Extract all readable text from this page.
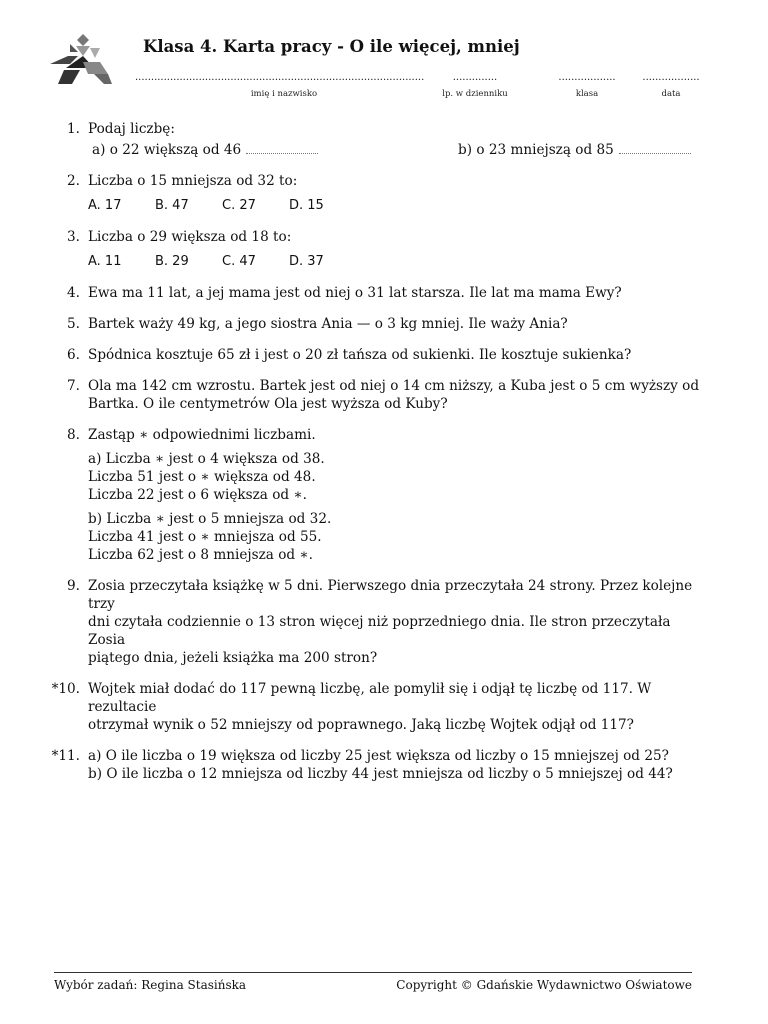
Klasa 4. Karta pracy - O ile więcej, mniej
...........................................................................................
imię i nazwisko
..............
lp. w dzienniku
..................
klasa
..................
data
1. Podaj liczbę:
a) o 22 większą od 46	b) o 23 mniejszą od 85
2. Liczba o 15 mniejsza od 32 to:
A. 17	B. 47	C. 27	D. 15
3. Liczba o 29 większa od 18 to:
A. 11	B. 29	C. 47	D. 37
4. Ewa ma 11 lat, a jej mama jest od niej o 31 lat starsza. Ile lat ma mama Ewy?
5. Bartek waży 49 kg, a jego siostra Ania — o 3 kg mniej. Ile waży Ania?
6. Spódnica kosztuje 65 zł i jest o 20 zł tańsza od sukienki. Ile kosztuje sukienka?
7. Ola ma 142 cm wzrostu. Bartek jest od niej o 14 cm niższy, a Kuba jest o 5 cm wyższy od
Bartka. O ile centymetrów Ola jest wyższa od Kuby?
8. Zastąp ∗ odpowiednimi liczbami.
a) Liczba ∗ jest o 4 większa od 38.
Liczba 51 jest o ∗ większa od 48.
Liczba 22 jest o 6 większa od ∗.
b) Liczba ∗ jest o 5 mniejsza od 32.
Liczba 41 jest o ∗ mniejsza od 55.
Liczba 62 jest o 8 mniejsza od ∗.
9. Zosia przeczytała książkę w 5 dni. Pierwszego dnia przeczytała 24 strony. Przez kolejne trzy
dni czytała codziennie o 13 stron więcej niż poprzedniego dnia. Ile stron przeczytała Zosia
piątego dnia, jeżeli książka ma 200 stron?
*10. Wojtek miał dodać do 117 pewną liczbę, ale pomylił się i odjął tę liczbę od 117. W rezultacie
otrzymał wynik o 52 mniejszy od poprawnego. Jaką liczbę Wojtek odjął od 117?
*11. a) O ile liczba o 19 większa od liczby 25 jest większa od liczby o 15 mniejszej od 25?
b) O ile liczba o 12 mniejsza od liczby 44 jest mniejsza od liczby o 5 mniejszej od 44?
Wybór zadań: Regina Stasińska	Copyright © Gdańskie Wydawnictwo Oświatowe
